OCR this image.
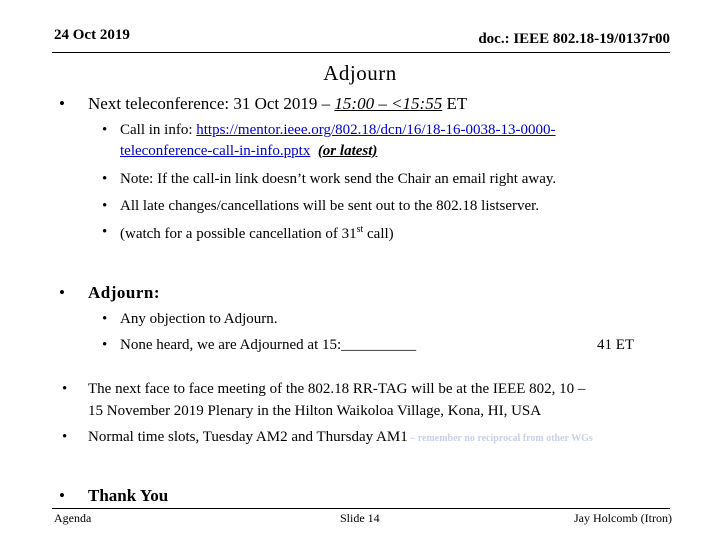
24 Oct 2019	doc.: IEEE 802.18-19/0137r00
Adjourn
• Next teleconference: 31 Oct 2019 – 15:00 – <15:55 ET
• Call in info: https://mentor.ieee.org/802.18/dcn/16/18-16-0038-13-0000-
teleconference-call-in-info.pptx (or latest)
• Note: If the call-in link doesn’t work send the Chair an email right away.
• All late changes/cancellations will be sent out to the 802.18 listserver.
• (watch for a possible cancellation of 31st call)
• Adjourn:
• Any objection to Adjourn.
• None heard, we are Adjourned at 15:__________	41 ET
• The next face to face meeting of the 802.18 RR-TAG will be at the IEEE 802, 10 –
15 November 2019 Plenary in the Hilton Waikoloa Village, Kona, HI, USA
• Normal time slots, Tuesday AM2 and Thursday AM1 – remember no reciprocal from other WGs
• Thank You
Agenda	Slide 14	Jay Holcomb (Itron)
